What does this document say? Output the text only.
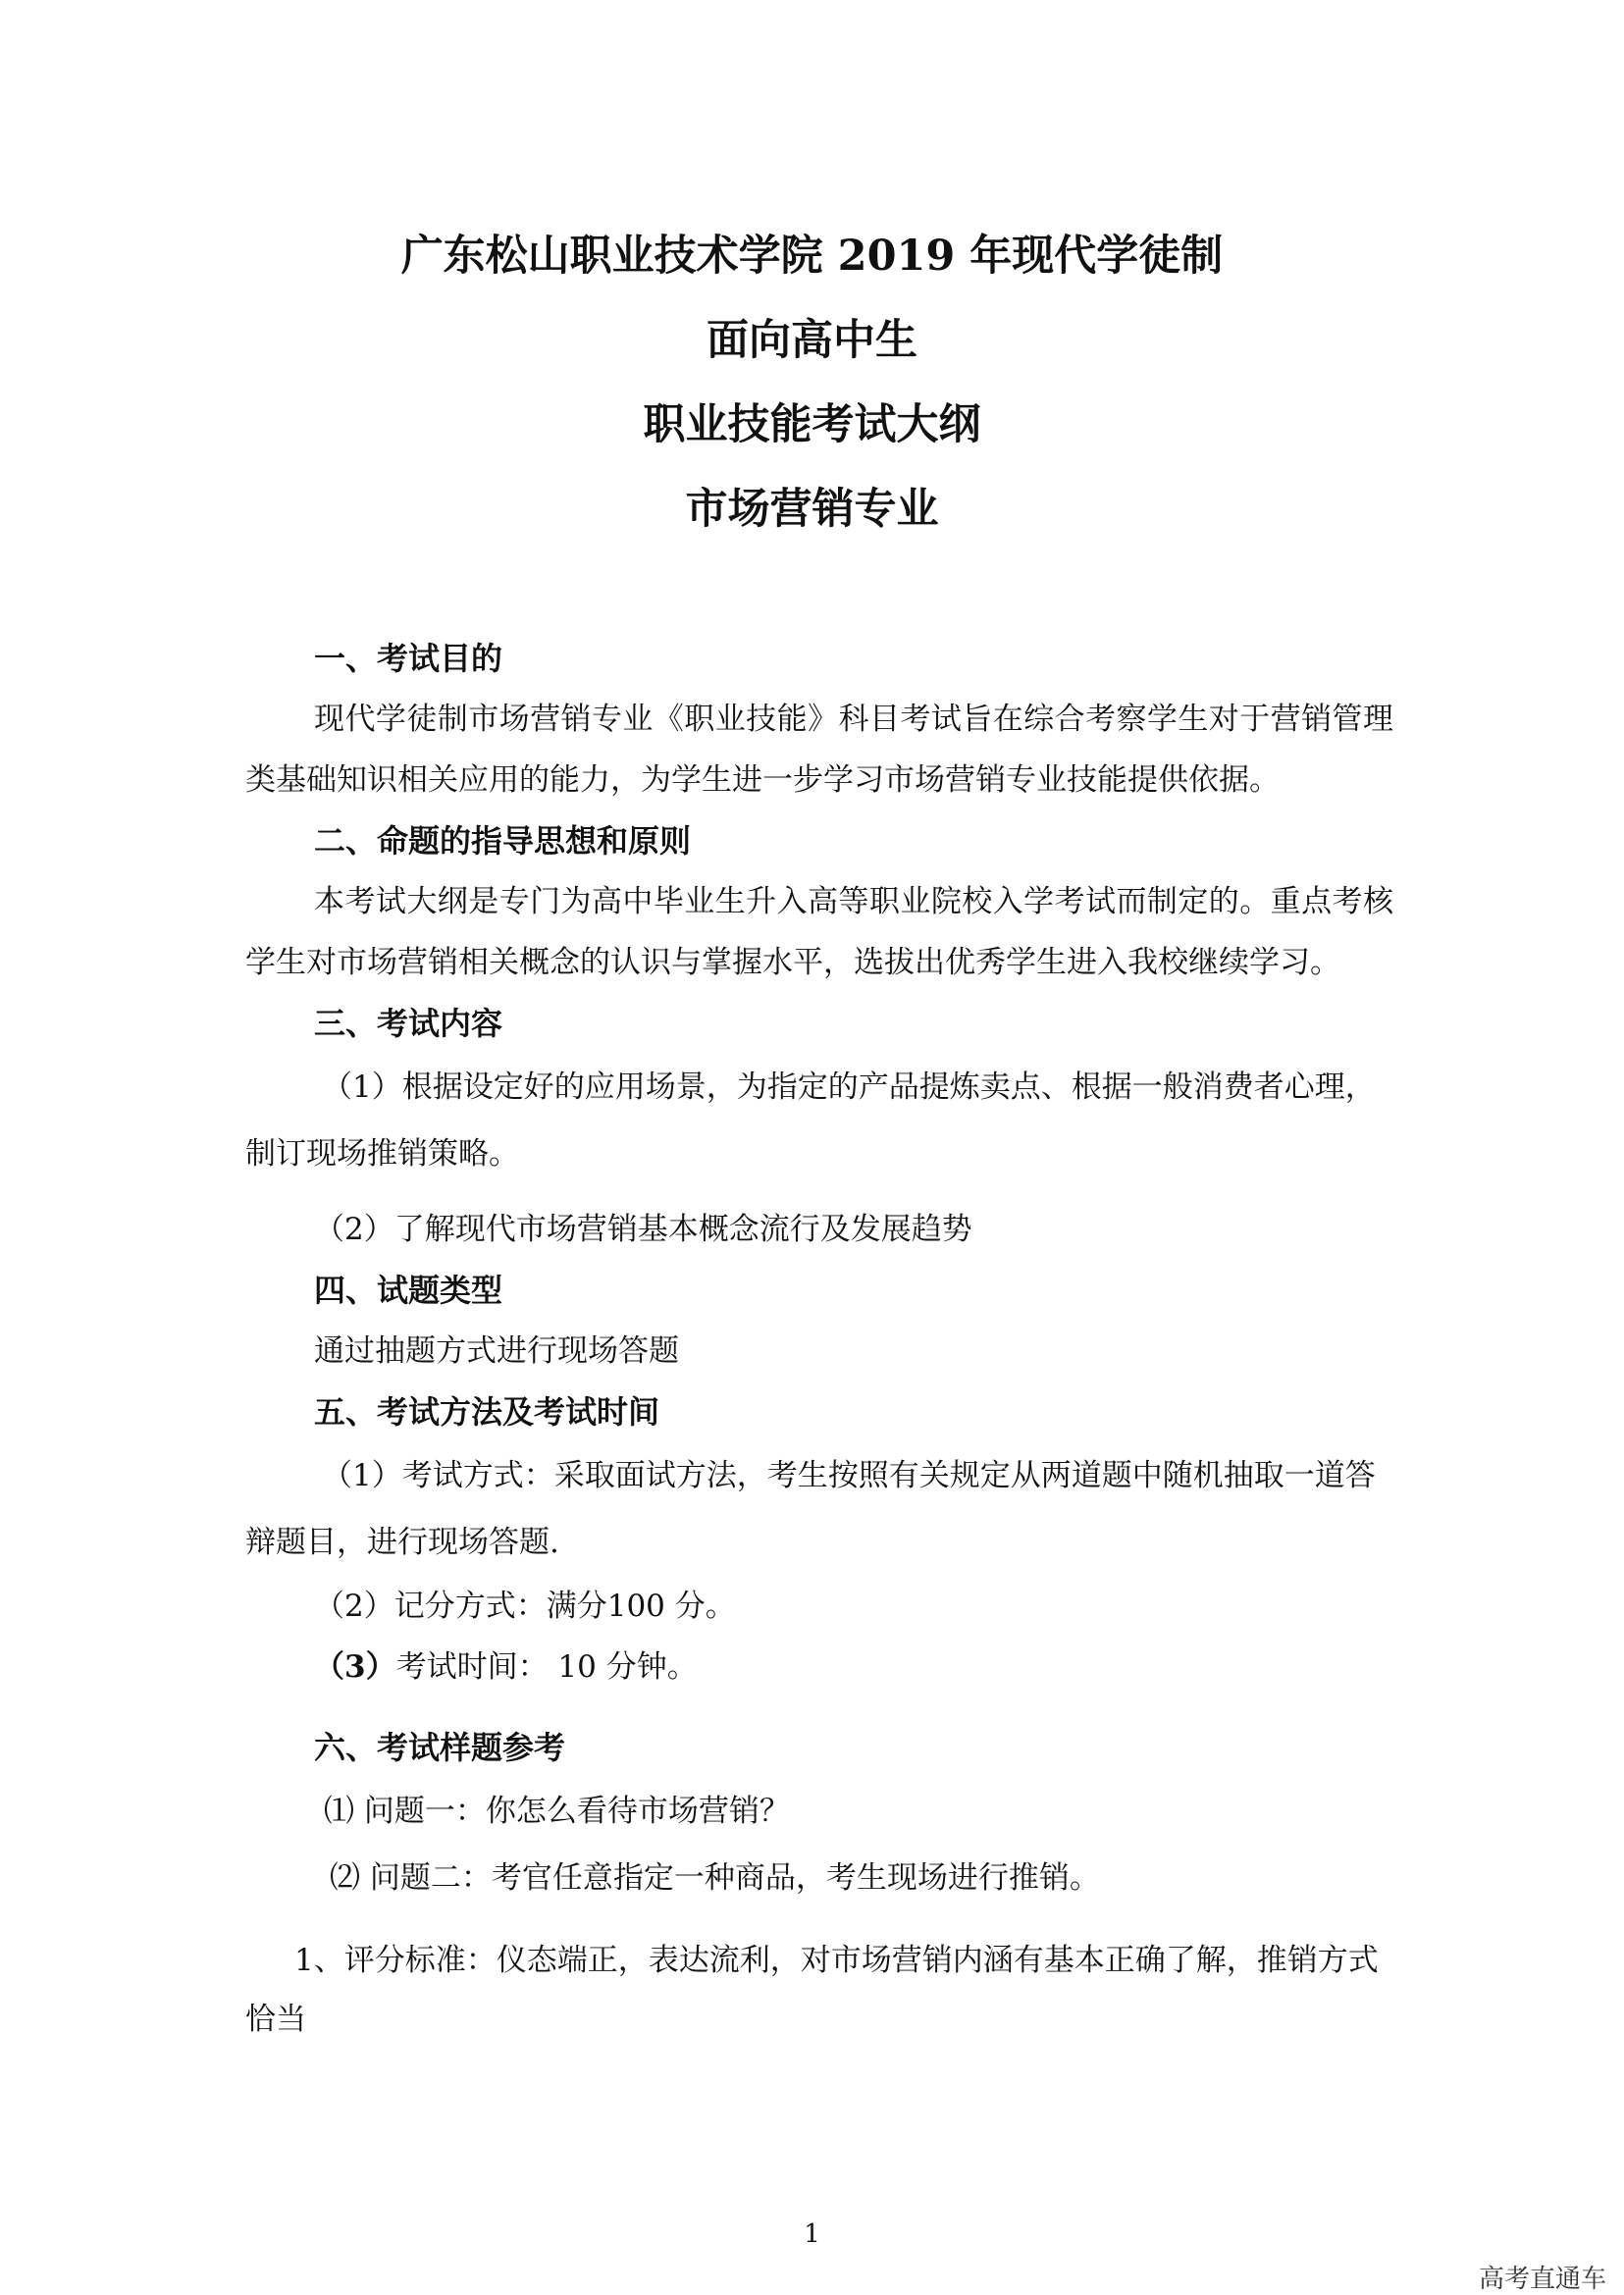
广东松山职业技术学院 2019 年现代学徒制
面向高中生
职业技能考试大纲
市场营销专业
一、考试目的

现代学徒制市场营销专业《职业技能》科目考试旨在综合考察学生对于营销管理类基础知识相关应用的能力，为学生进一步学习市场营销专业技能提供依据。

二、命题的指导思想和原则

本考试大纲是专门为高中毕业生升入高等职业院校入学考试而制定的。重点考核学生对市场营销相关概念的认识与掌握水平，选拔出优秀学生进入我校继续学习。

三、考试内容

（1）根据设定好的应用场景，为指定的产品提炼卖点、根据一般消费者心理，制订现场推销策略。

（2）了解现代市场营销基本概念流行及发展趋势
四、试题类型
通过抽题方式进行现场答题
五、考试方法及考试时间

（1）考试方式：采取面试方法，考生按照有关规定从两道题中随机抽取一道答辩题目，进行现场答题.

（2）记分方式：满分100 分。
（3）考试时间： 10 分钟。
六、考试样题参考
⑴ 问题一：你怎么看待市场营销？
⑵ 问题二：考官任意指定一种商品，考生现场进行推销。

1、评分标准：仪态端正，表达流利，对市场营销内涵有基本正确了解，推销方式恰当

1
高考直通车
